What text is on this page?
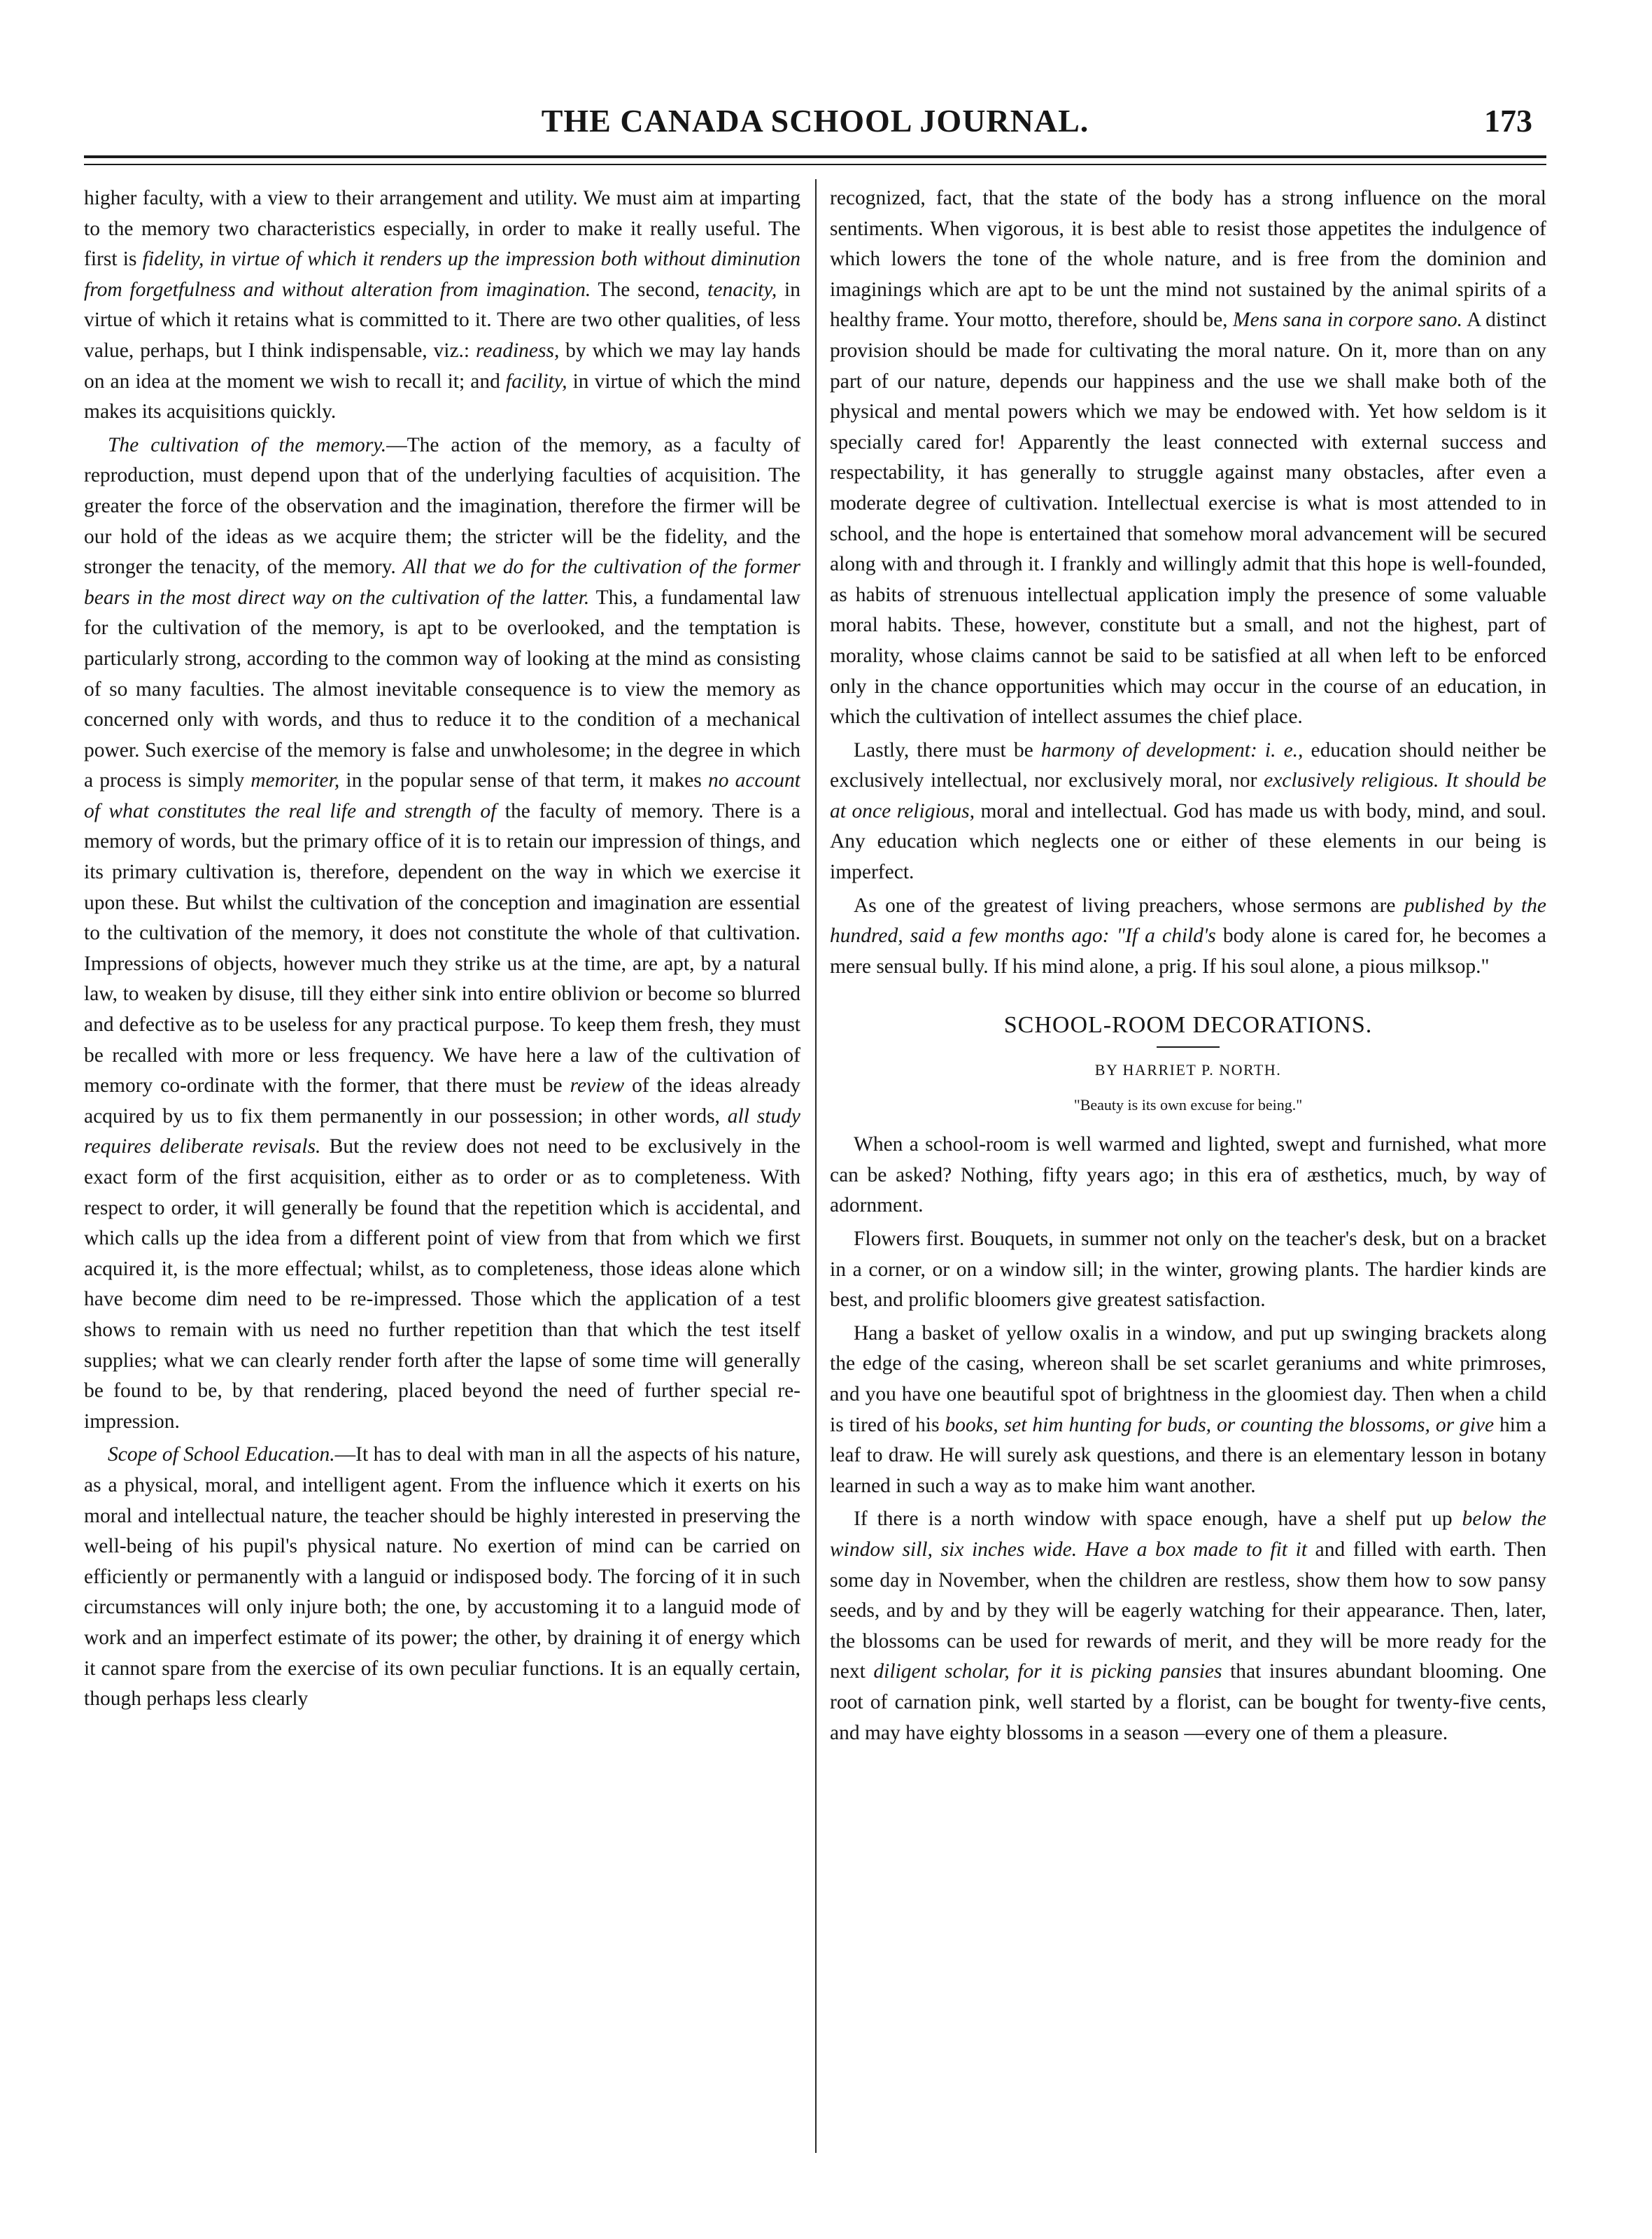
THE CANADA SCHOOL JOURNAL.	173

higher faculty, with a view to their arrangement and utility. We must aim at imparting to the memory two characteristics especially, in order to make it really useful. The first is fidelity, in virtue of which it renders up the impression both without diminution from forgetfulness and without alteration from imagination. The second, tenacity, in virtue of which it retains what is committed to it. There are two other qualities, of less value, perhaps, but I think indispensable, viz.: readiness, by which we may lay hands on an idea at the moment we wish to recall it; and facility, in virtue of which the mind makes its acquisitions quickly.

The cultivation of the memory.—The action of the memory, as a faculty of reproduction, must depend upon that of the underlying faculties of acquisition. The greater the force of the observation and the imagination, therefore the firmer will be our hold of the ideas as we acquire them; the stricter will be the fidelity, and the stronger the tenacity, of the memory. All that we do for the cultivation of the former bears in the most direct way on the cultivation of the latter. This, a fundamental law for the cultivation of the memory, is apt to be overlooked, and the temptation is particularly strong, according to the common way of looking at the mind as consisting of so many faculties. The almost inevitable consequence is to view the memory as concerned only with words, and thus to reduce it to the condition of a mechanical power. Such exercise of the memory is false and unwholesome; in the degree in which a process is simply memoriter, in the popular sense of that term, it makes no account of what constitutes the real life and strength of the faculty of memory. There is a memory of words, but the primary office of it is to retain our impression of things, and its primary cultivation is, therefore, dependent on the way in which we exercise it upon these. But whilst the cultivation of the conception and imagination are essential to the cultivation of the memory, it does not constitute the whole of that cultivation. Impressions of objects, however much they strike us at the time, are apt, by a natural law, to weaken by disuse, till they either sink into entire oblivion or become so blurred and defective as to be useless for any practical purpose. To keep them fresh, they must be recalled with more or less frequency. We have here a law of the cultivation of memory co-ordinate with the former, that there must be review of the ideas already acquired by us to fix them permanently in our possession; in other words, all study requires deliberate revisals. But the review does not need to be exclusively in the exact form of the first acquisition, either as to order or as to completeness. With respect to order, it will generally be found that the repetition which is accidental, and which calls up the idea from a different point of view from that from which we first acquired it, is the more effectual; whilst, as to completeness, those ideas alone which have become dim need to be re-impressed. Those which the application of a test shows to remain with us need no further repetition than that which the test itself supplies; what we can clearly render forth after the lapse of some time will generally be found to be, by that rendering, placed beyond the need of further special re-impression.

Scope of School Education.—It has to deal with man in all the aspects of his nature, as a physical, moral, and intelligent agent. From the influence which it exerts on his moral and intellectual nature, the teacher should be highly interested in preserving the well-being of his pupil's physical nature. No exertion of mind can be carried on efficiently or permanently with a languid or indisposed body. The forcing of it in such circumstances will only injure both; the one, by accustoming it to a languid mode of work and an imperfect estimate of its power; the other, by draining it of energy which it cannot spare from the exercise of its own peculiar functions. It is an equally certain, though perhaps less clearly

recognized, fact, that the state of the body has a strong influence on the moral sentiments. When vigorous, it is best able to resist those appetites the indulgence of which lowers the tone of the whole nature, and is free from the dominion and imaginings which are apt to be unt the mind not sustained by the animal spirits of a healthy frame. Your motto, therefore, should be, Mens sana in corpore sano. A distinct provision should be made for cultivating the moral nature. On it, more than on any part of our nature, depends our happiness and the use we shall make both of the physical and mental powers which we may be endowed with. Yet how seldom is it specially cared for! Apparently the least connected with external success and respectability, it has generally to struggle against many obstacles, after even a moderate degree of cultivation. Intellectual exercise is what is most attended to in school, and the hope is entertained that somehow moral advancement will be secured along with and through it. I frankly and willingly admit that this hope is well-founded, as habits of strenuous intellectual application imply the presence of some valuable moral habits. These, however, constitute but a small, and not the highest, part of morality, whose claims cannot be said to be satisfied at all when left to be enforced only in the chance opportunities which may occur in the course of an education, in which the cultivation of intellect assumes the chief place.

Lastly, there must be harmony of development: i. e., education should neither be exclusively intellectual, nor exclusively moral, nor exclusively religious. It should be at once religious, moral and intellectual. God has made us with body, mind, and soul. Any education which neglects one or either of these elements in our being is imperfect.

As one of the greatest of living preachers, whose sermons are published by the hundred, said a few months ago: "If a child's body alone is cared for, he becomes a mere sensual bully. If his mind alone, a prig. If his soul alone, a pious milksop."

SCHOOL-ROOM DECORATIONS.
BY HARRIET P. NORTH.
"Beauty is its own excuse for being."

When a school-room is well warmed and lighted, swept and furnished, what more can be asked? Nothing, fifty years ago; in this era of æsthetics, much, by way of adornment.

Flowers first. Bouquets, in summer not only on the teacher's desk, but on a bracket in a corner, or on a window sill; in the winter, growing plants. The hardier kinds are best, and prolific bloomers give greatest satisfaction.

Hang a basket of yellow oxalis in a window, and put up swinging brackets along the edge of the casing, whereon shall be set scarlet geraniums and white primroses, and you have one beautiful spot of brightness in the gloomiest day. Then when a child is tired of his books, set him hunting for buds, or counting the blossoms, or give him a leaf to draw. He will surely ask questions, and there is an elementary lesson in botany learned in such a way as to make him want another.

If there is a north window with space enough, have a shelf put up below the window sill, six inches wide. Have a box made to fit it and filled with earth. Then some day in November, when the children are restless, show them how to sow pansy seeds, and by and by they will be eagerly watching for their appearance. Then, later, the blossoms can be used for rewards of merit, and they will be more ready for the next diligent scholar, for it is picking pansies that insures abundant blooming. One root of carnation pink, well started by a florist, can be bought for twenty-five cents, and may have eighty blossoms in a season —every one of them a pleasure.
